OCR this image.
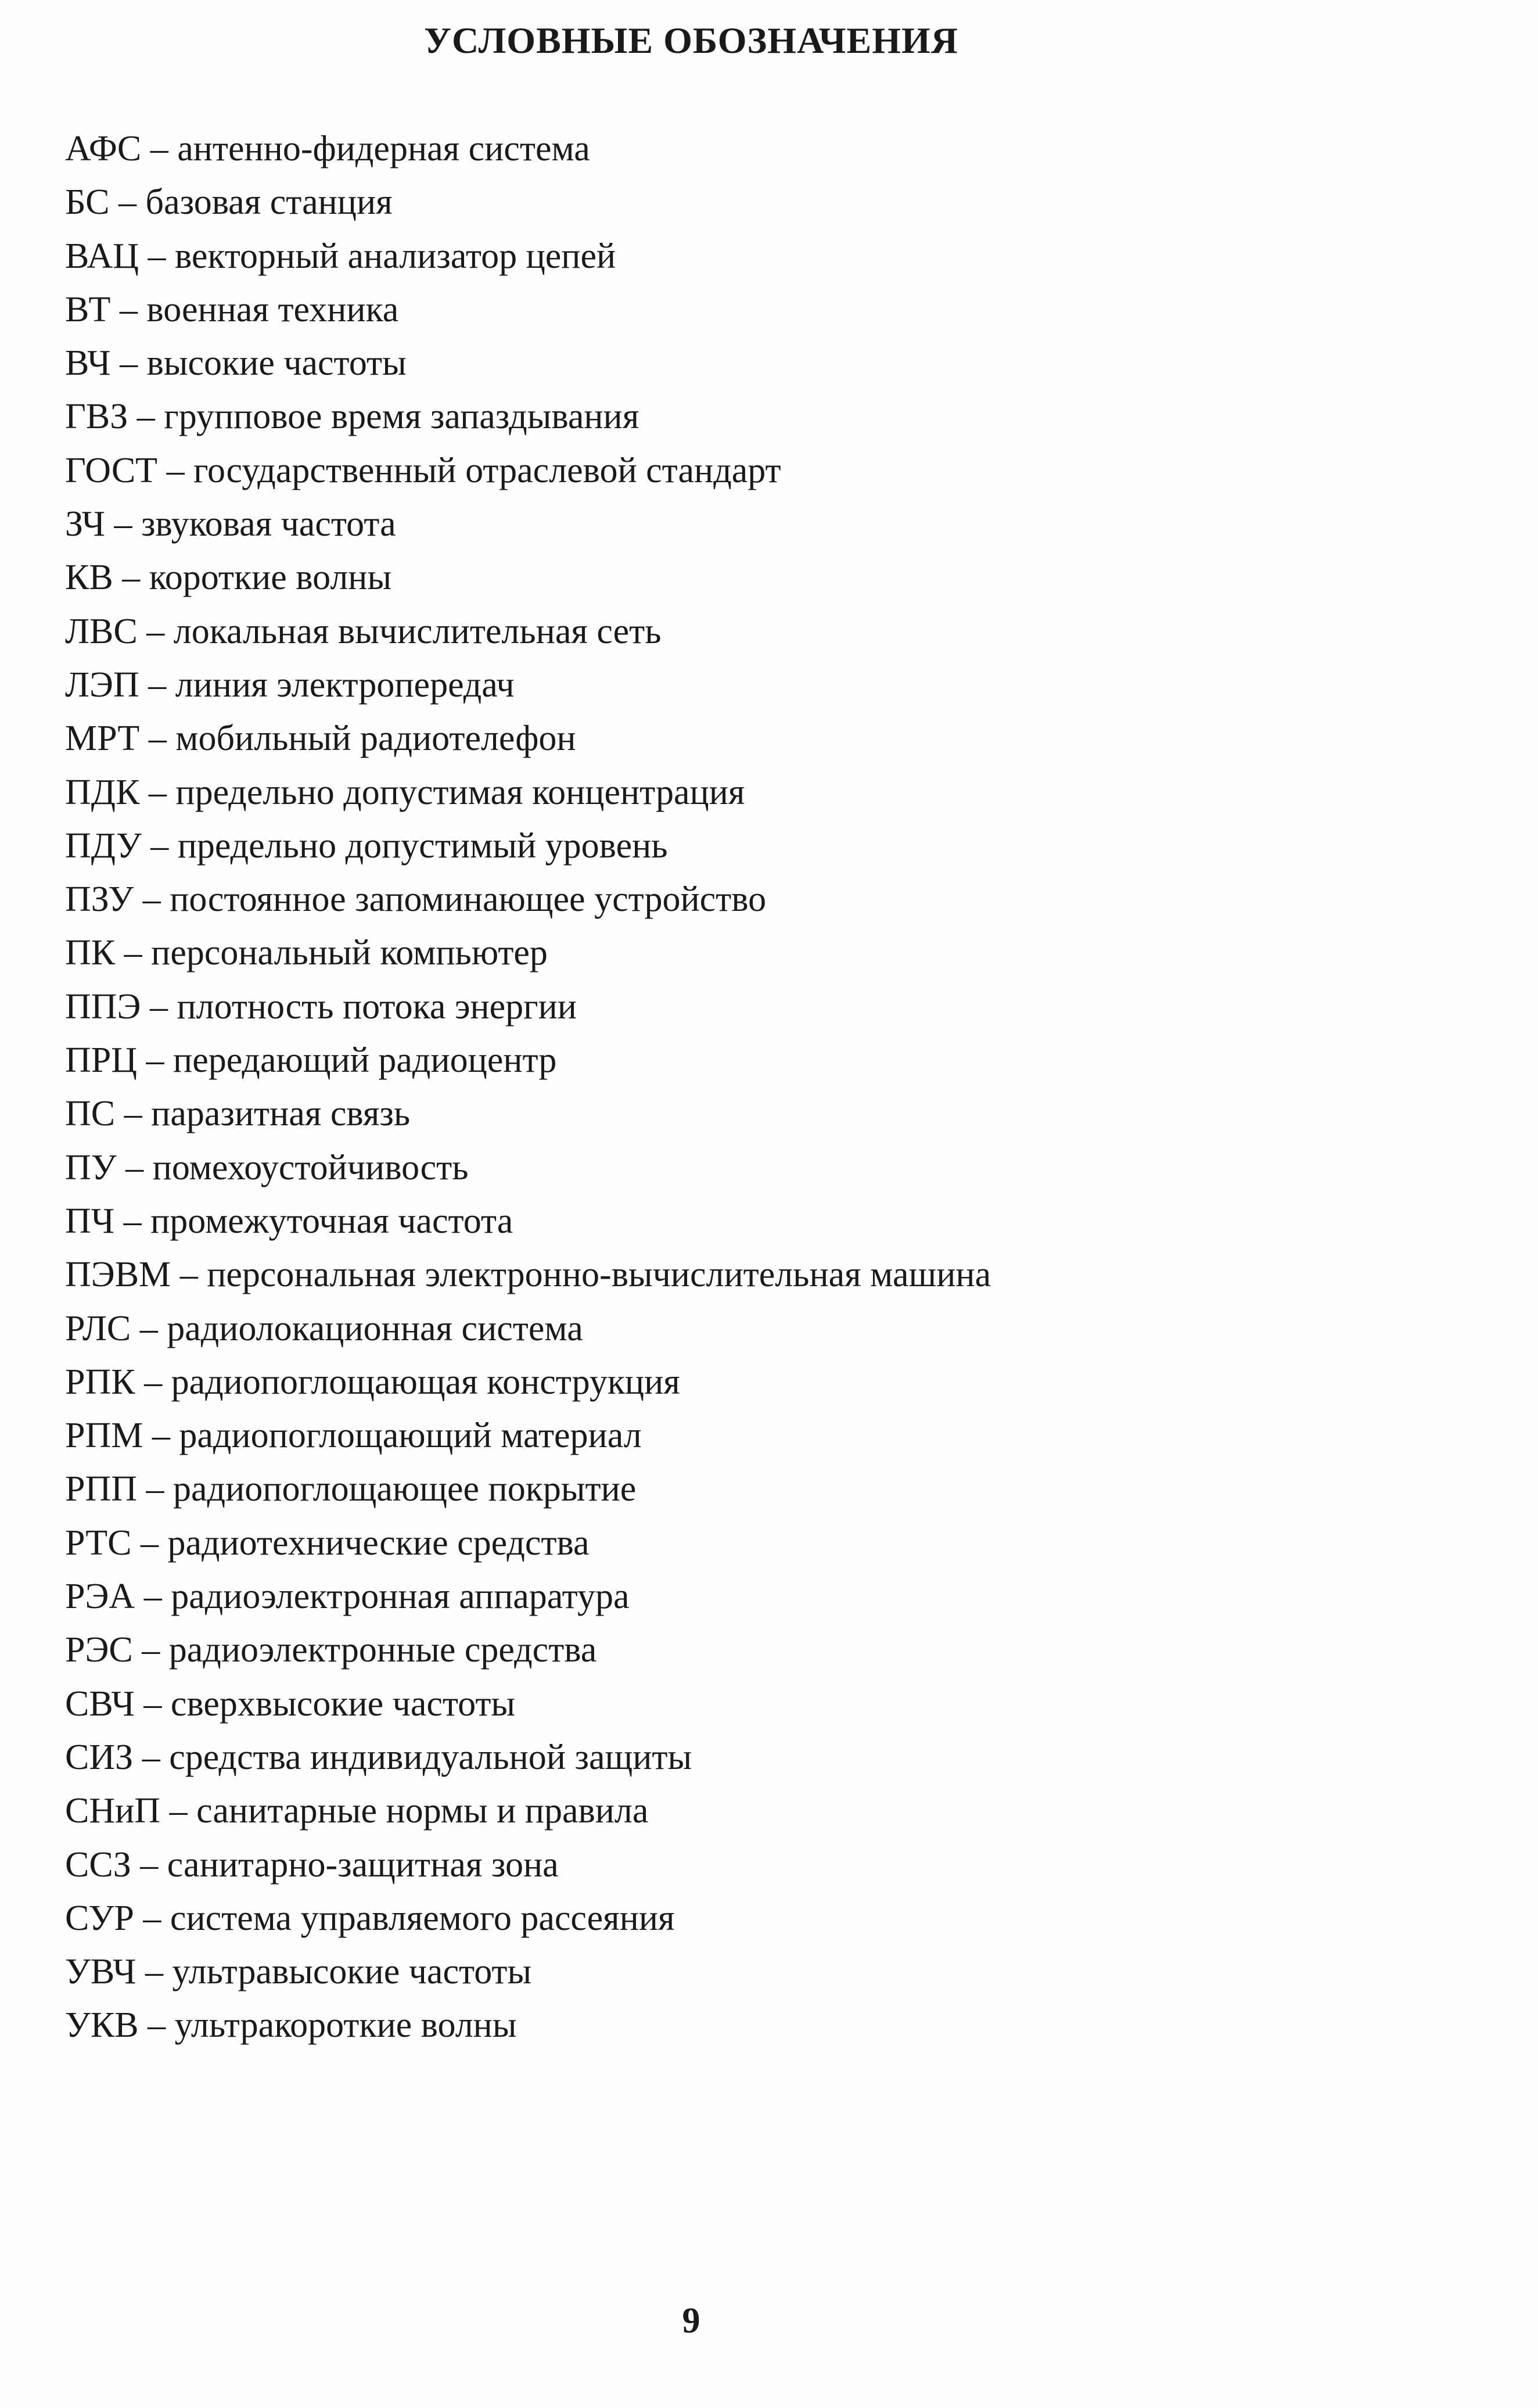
УСЛОВНЫЕ ОБОЗНАЧЕНИЯ
АФС – антенно-фидерная система
БС – базовая станция
ВАЦ – векторный анализатор цепей
ВТ – военная техника
ВЧ – высокие частоты
ГВЗ – групповое время запаздывания
ГОСТ – государственный отраслевой стандарт
ЗЧ – звуковая частота
КВ – короткие волны
ЛВС – локальная вычислительная сеть
ЛЭП – линия электропередач
МРТ – мобильный радиотелефон
ПДК – предельно допустимая концентрация
ПДУ – предельно допустимый уровень
ПЗУ – постоянное запоминающее устройство
ПК – персональный компьютер
ППЭ – плотность потока энергии
ПРЦ – передающий радиоцентр
ПС – паразитная связь
ПУ – помехоустойчивость
ПЧ – промежуточная частота
ПЭВМ – персональная электронно-вычислительная машина
РЛС – радиолокационная система
РПК – радиопоглощающая конструкция
РПМ – радиопоглощающий материал
РПП – радиопоглощающее покрытие
РТС – радиотехнические средства
РЭА – радиоэлектронная аппаратура
РЭС – радиоэлектронные средства
СВЧ – сверхвысокие частоты
СИЗ – средства индивидуальной защиты
СНиП – санитарные нормы и правила
ССЗ – санитарно-защитная зона
СУР – система управляемого рассеяния
УВЧ – ультравысокие частоты
УКВ – ультракороткие волны
9
